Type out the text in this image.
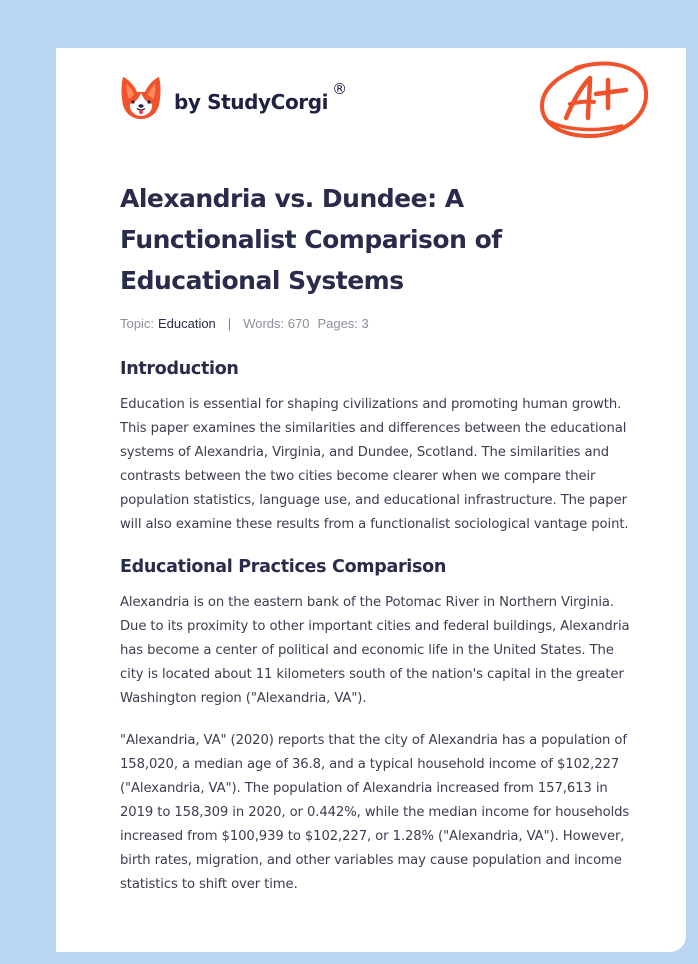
by StudyCorgi
®
Alexandria vs. Dundee: A Functionalist Comparison of Educational Systems
Topic: Education | Words: 670 Pages: 3
Introduction

Education is essential for shaping civilizations and promoting human growth. This paper examines the similarities and differences between the educational systems of Alexandria, Virginia, and Dundee, Scotland. The similarities and contrasts between the two cities become clearer when we compare their population statistics, language use, and educational infrastructure. The paper will also examine these results from a functionalist sociological vantage point.

Educational Practices Comparison

Alexandria is on the eastern bank of the Potomac River in Northern Virginia. Due to its proximity to other important cities and federal buildings, Alexandria has become a center of political and economic life in the United States. The city is located about 11 kilometers south of the nation's capital in the greater Washington region ("Alexandria, VA").

"Alexandria, VA" (2020) reports that the city of Alexandria has a population of 158,020, a median age of 36.8, and a typical household income of $102,227 ("Alexandria, VA"). The population of Alexandria increased from 157,613 in 2019 to 158,309 in 2020, or 0.442%, while the median income for households increased from $100,939 to $102,227, or 1.28% ("Alexandria, VA"). However, birth rates, migration, and other variables may cause population and income statistics to shift over time.
